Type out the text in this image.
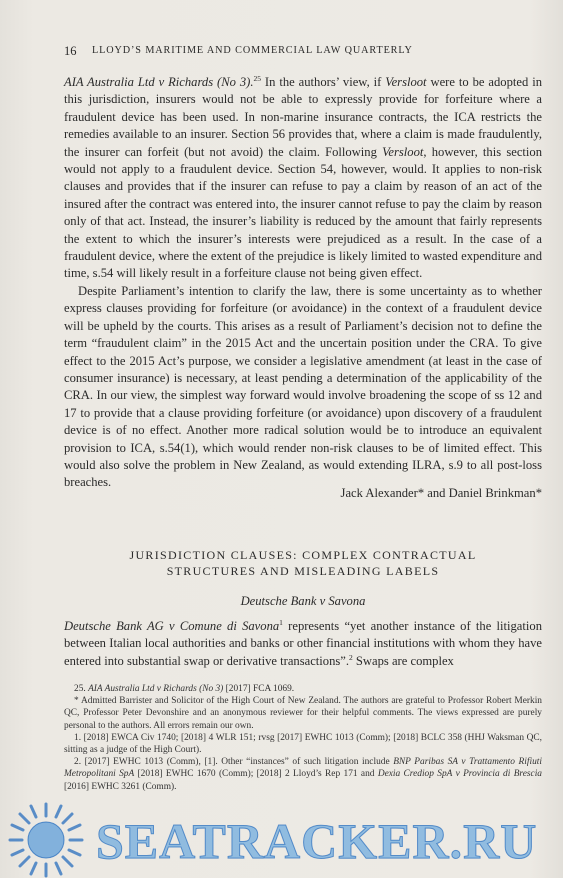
16 LLOYD’S MARITIME AND COMMERCIAL LAW QUARTERLY

AIA Australia Ltd v Richards (No 3).$^{25}$ In the authors’ view, if Versloot were to be adopted in this jurisdiction, insurers would not be able to expressly provide for forfeiture where a fraudulent device has been used. In non-marine insurance contracts, the ICA restricts the remedies available to an insurer. Section 56 provides that, where a claim is made fraudulently, the insurer can forfeit (but not avoid) the claim. Following Versloot, however, this section would not apply to a fraudulent device. Section 54, however, would. It applies to non-risk clauses and provides that if the insurer can refuse to pay a claim by reason of an act of the insured after the contract was entered into, the insurer cannot refuse to pay the claim by reason only of that act. Instead, the insurer’s liability is reduced by the amount that fairly represents the extent to which the insurer’s interests were prejudiced as a result. In the case of a fraudulent device, where the extent of the prejudice is likely limited to wasted expenditure and time, s.54 will likely result in a forfeiture clause not being given effect.

Despite Parliament’s intention to clarify the law, there is some uncertainty as to whether express clauses providing for forfeiture (or avoidance) in the context of a fraudulent device will be upheld by the courts. This arises as a result of Parliament’s decision not to define the term “fraudulent claim” in the 2015 Act and the uncertain position under the CRA. To give effect to the 2015 Act’s purpose, we consider a legislative amendment (at least in the case of consumer insurance) is necessary, at least pending a determination of the applicability of the CRA. In our view, the simplest way forward would involve broadening the scope of ss 12 and 17 to provide that a clause providing forfeiture (or avoidance) upon discovery of a fraudulent device is of no effect. Another more radical solution would be to introduce an equivalent provision to ICA, s.54(1), which would render non-risk clauses to be of limited effect. This would also solve the problem in New Zealand, as would extending ILRA, s.9 to all post-loss breaches.

Jack Alexander* and Daniel Brinkman*
JURISDICTION CLAUSES: COMPLEX CONTRACTUAL
STRUCTURES AND MISLEADING LABELS
Deutsche Bank v Savona

Deutsche Bank AG v Comune di Savona$^1$ represents “yet another instance of the litigation between Italian local authorities and banks or other financial institutions with whom they have entered into substantial swap or derivative transactions”.$^2$ Swaps are complex

25. AIA Australia Ltd v Richards (No 3) [2017] FCA 1069.

* Admitted Barrister and Solicitor of the High Court of New Zealand. The authors are grateful to Professor Robert Merkin QC, Professor Peter Devonshire and an anonymous reviewer for their helpful comments. The views expressed are purely personal to the authors. All errors remain our own.

1. [2018] EWCA Civ 1740; [2018] 4 WLR 151; rvsg [2017] EWHC 1013 (Comm); [2018] BCLC 358 (HHJ Waksman QC, sitting as a judge of the High Court).

2. [2017] EWHC 1013 (Comm), [1]. Other “instances” of such litigation include BNP Paribas SA v Trattamento Rifiuti Metropolitani SpA [2018] EWHC 1670 (Comm); [2018] 2 Lloyd’s Rep 171 and Dexia Crediop SpA v Provincia di Brescia [2016] EWHC 3261 (Comm).

SEATRACKER.RU
